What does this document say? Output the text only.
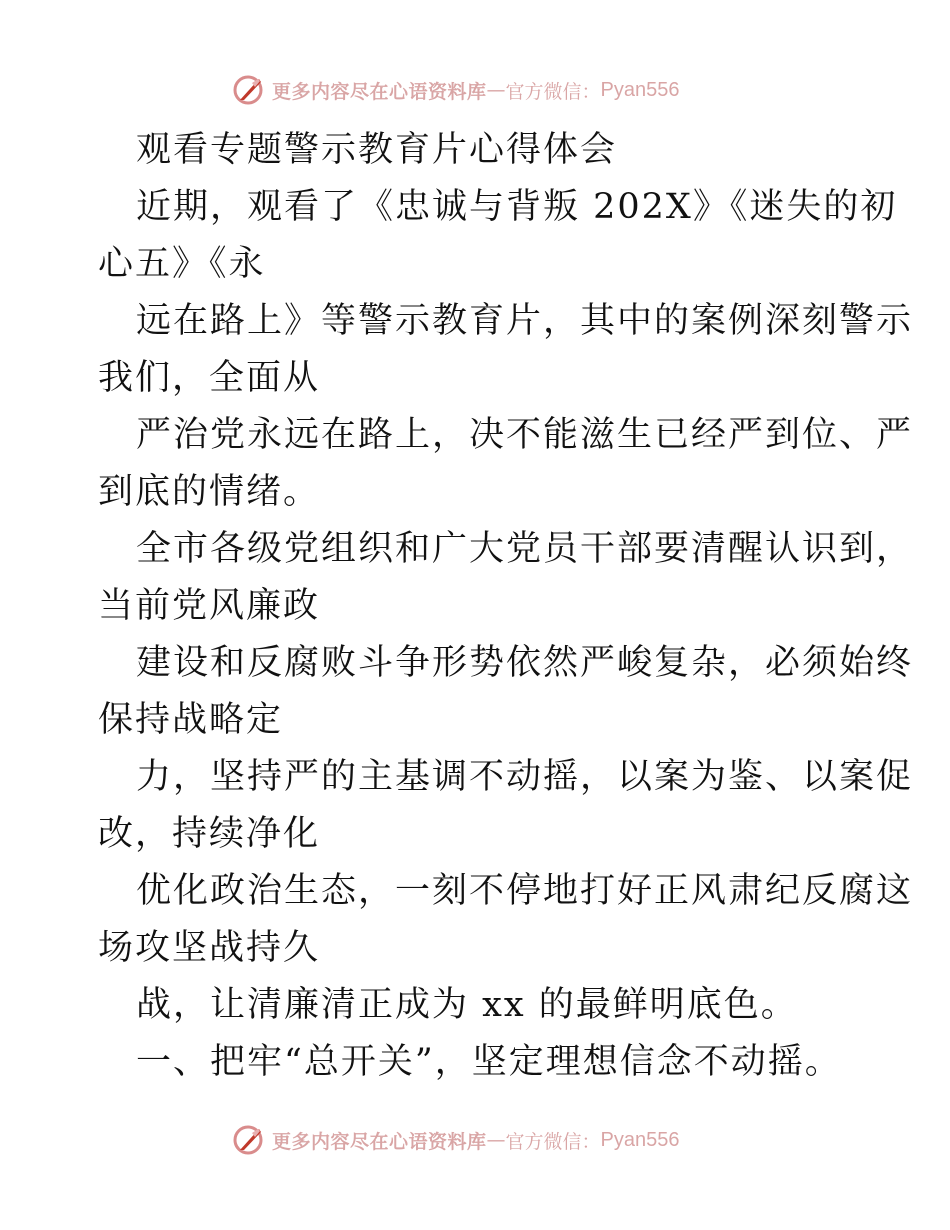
更多内容尽在心语资料库 — 官方微信： Pyan556
观看专题警示教育片心得体会
近期，观看了《忠诚与背叛 202X》《迷失的初
心五》《永
远在路上》等警示教育片，其中的案例深刻警示
我们，全面从
严治党永远在路上，决不能滋生已经严到位、严
到底的情绪。
全市各级党组织和广大党员干部要清醒认识到，
当前党风廉政
建设和反腐败斗争形势依然严峻复杂，必须始终
保持战略定
力，坚持严的主基调不动摇，以案为鉴、以案促
改，持续净化
优化政治生态，一刻不停地打好正风肃纪反腐这
场攻坚战持久
战，让清廉清正成为 xx 的最鲜明底色。
一、把牢“总开关”，坚定理想信念不动摇。
更多内容尽在心语资料库 — 官方微信： Pyan556
